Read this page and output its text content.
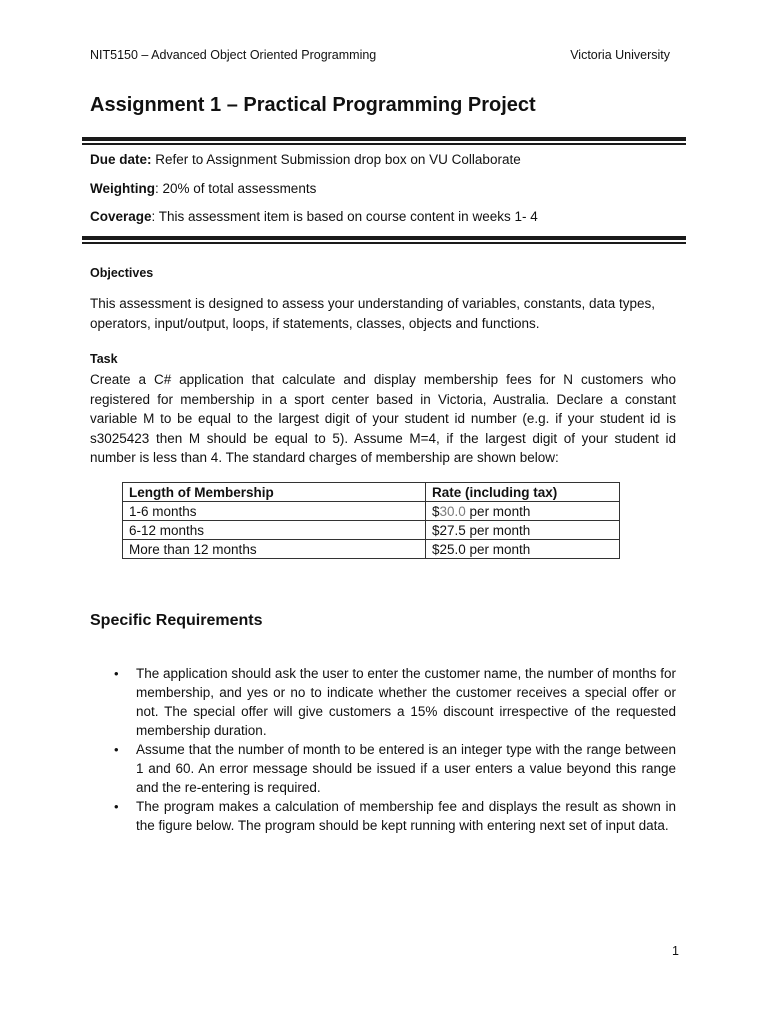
NIT5150 – Advanced Object Oriented Programming	Victoria University
Assignment 1 – Practical Programming Project
Due date: Refer to Assignment Submission drop box on VU Collaborate
Weighting: 20% of total assessments
Coverage: This assessment item is based on course content in weeks 1- 4
Objectives
This assessment is designed to assess your understanding of variables, constants, data types, operators, input/output, loops, if statements, classes, objects and functions.
Task
Create a C# application that calculate and display membership fees for N customers who registered for membership in a sport center based in Victoria, Australia. Declare a constant variable M to be equal to the largest digit of your student id number (e.g. if your student id is s3025423 then M should be equal to 5). Assume M=4, if the largest digit of your student id number is less than 4. The standard charges of membership are shown below:
Length of Membership	Rate (including tax)
1-6 months	$30.0 per month
6-12 months	$27.5 per month
More than 12 months	$25.0 per month
Specific Requirements
• The application should ask the user to enter the customer name, the number of months for membership, and yes or no to indicate whether the customer receives a special offer or not. The special offer will give customers a 15% discount irrespective of the requested membership duration.
• Assume that the number of month to be entered is an integer type with the range between 1 and 60. An error message should be issued if a user enters a value beyond this range and the re-entering is required.
• The program makes a calculation of membership fee and displays the result as shown in the figure below. The program should be kept running with entering next set of input data.
1
